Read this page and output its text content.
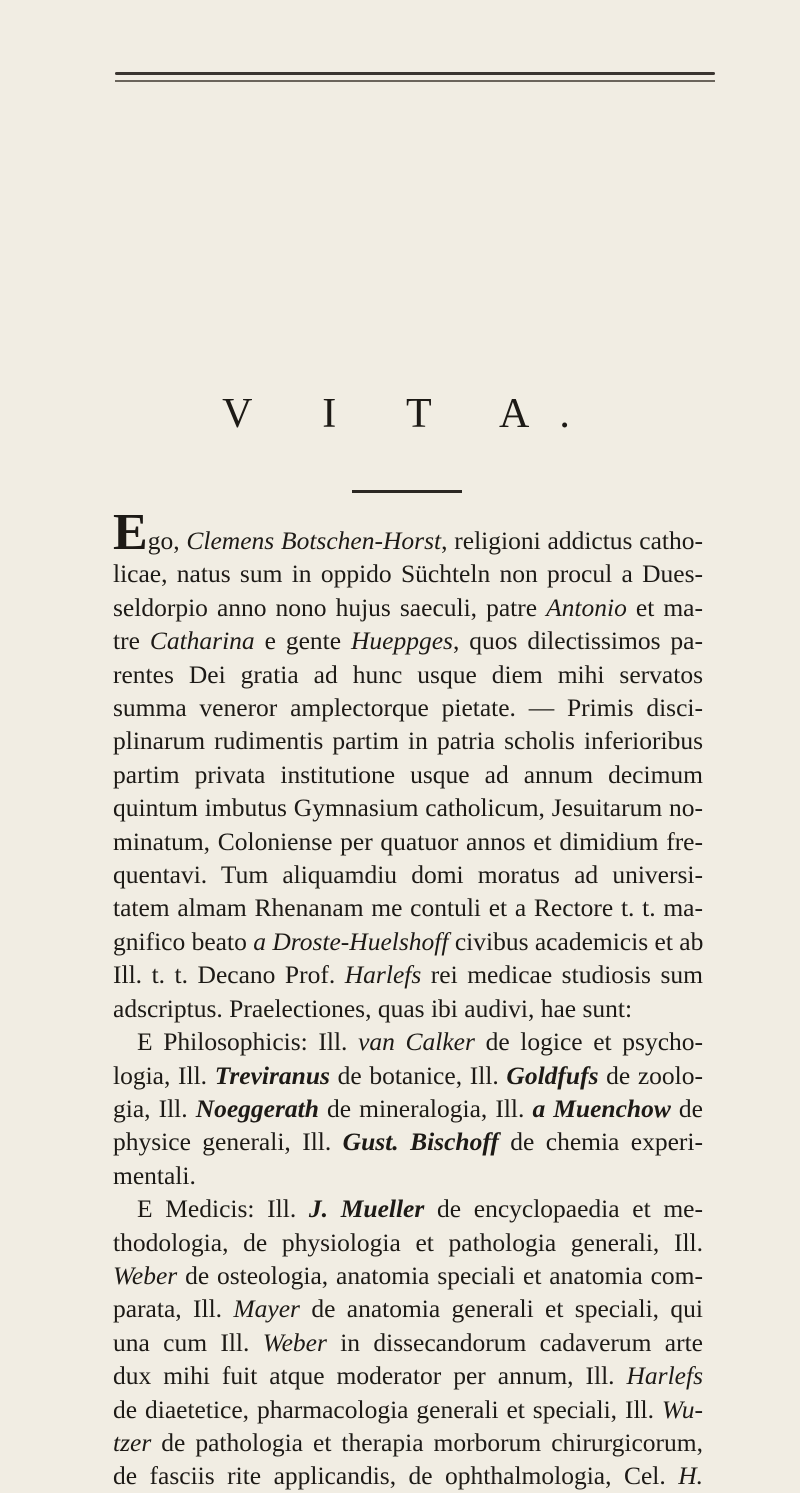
V I T A.
Ego, Clemens Botschen-Horst, religioni addictus catho-
licae, natus sum in oppido Süchteln non procul a Dues-
seldorpio anno nono hujus saeculi, patre Antonio et ma-
tre Catharina e gente Hueppges, quos dilectissimos pa-
rentes Dei gratia ad hunc usque diem mihi servatos
summa veneror amplectorque pietate. — Primis disci-
plinarum rudimentis partim in patria scholis inferioribus
partim privata institutione usque ad annum decimum
quintum imbutus Gymnasium catholicum, Jesuitarum no-
minatum, Coloniense per quatuor annos et dimidium fre-
quentavi. Tum aliquamdiu domi moratus ad universi-
tatem almam Rhenanam me contuli et a Rectore t. t. ma-
gnifico beato a Droste-Huelshoff civibus academicis et ab
Ill. t. t. Decano Prof. Harlefs rei medicae studiosis sum
adscriptus. Praelectiones, quas ibi audivi, hae sunt:
E Philosophicis: Ill. van Calker de logice et psycho-
logia, Ill. Treviranus de botanice, Ill. Goldfufs de zoolo-
gia, Ill. Noeggerath de mineralogia, Ill. a Muenchow de
physice generali, Ill. Gust. Bischoff de chemia experi-
mentali.
E Medicis: Ill. J. Mueller de encyclopaedia et me-
thodologia, de physiologia et pathologia generali, Ill.
Weber de osteologia, anatomia speciali et anatomia com-
parata, Ill. Mayer de anatomia generali et speciali, qui
una cum Ill. Weber in dissecandorum cadaverum arte
dux mihi fuit atque moderator per annum, Ill. Harlefs
de diaetetice, pharmacologia generali et speciali, Ill. Wu-
tzer de pathologia et therapia morborum chirurgicorum,
de fasciis rite applicandis, de ophthalmologia, Cel. H.
